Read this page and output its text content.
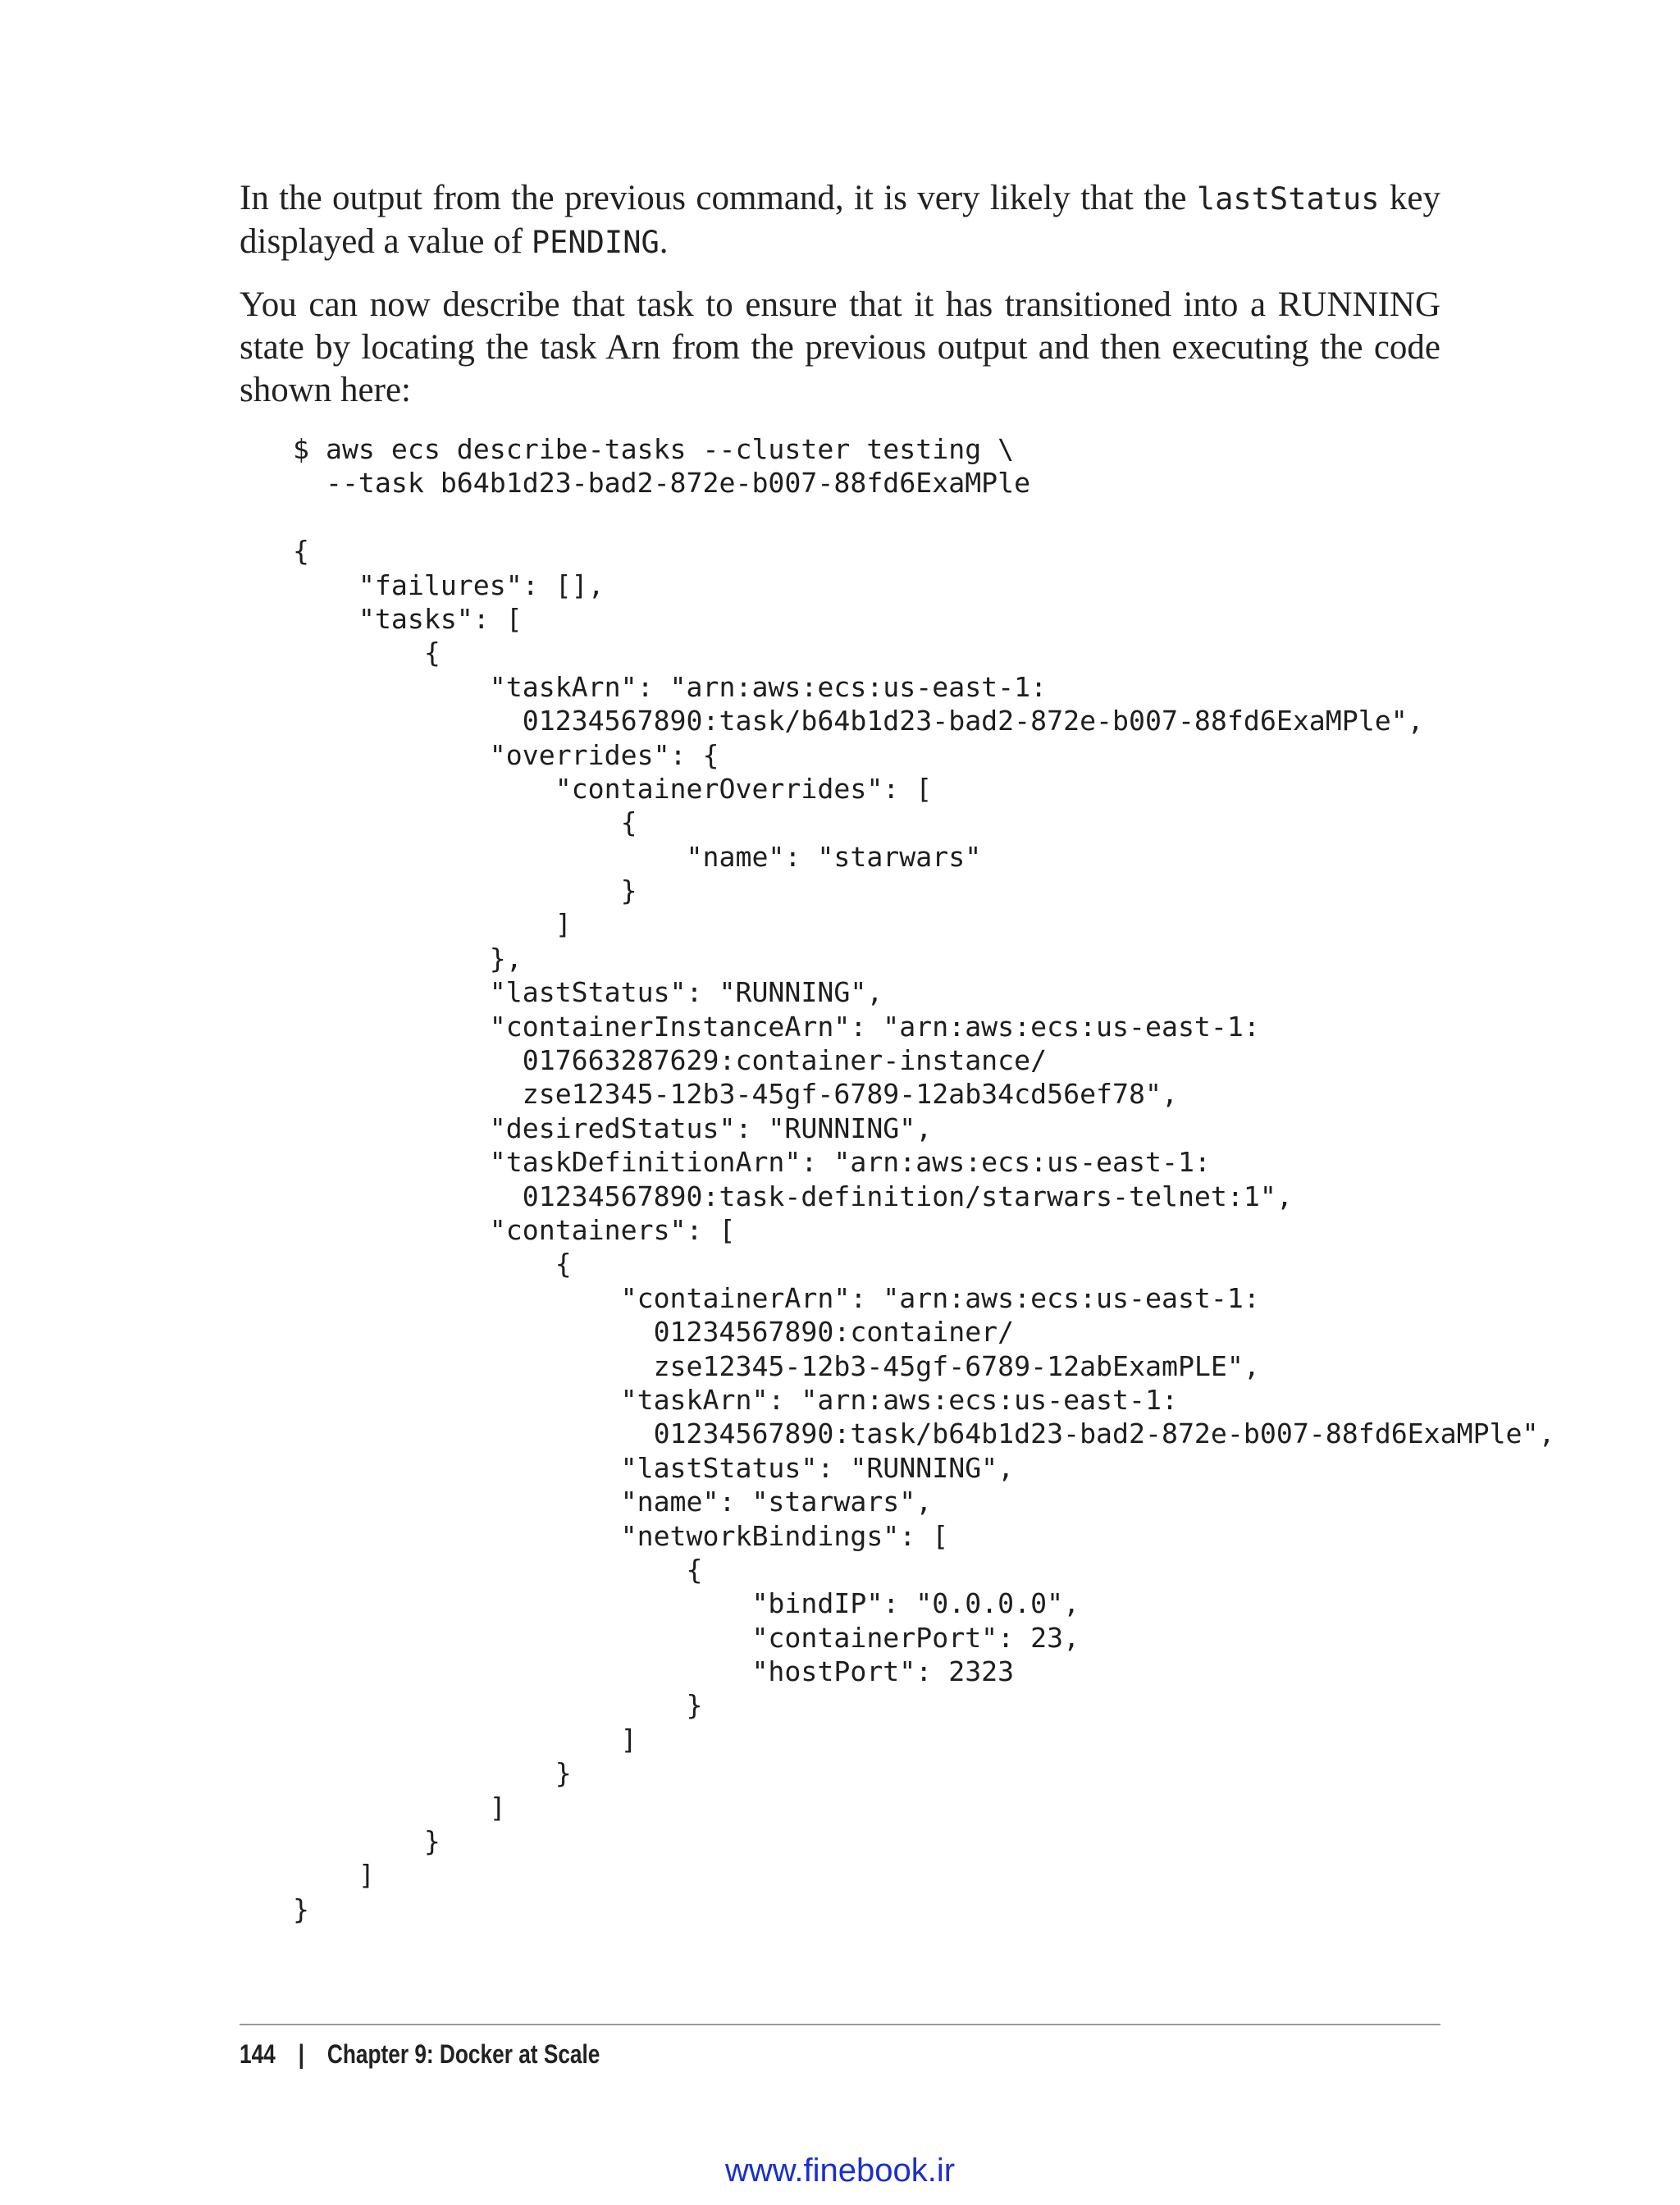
In the output from the previous command, it is very likely that the lastStatus key displayed a value of PENDING.

You can now describe that task to ensure that it has transitioned into a RUNNING state by locating the task Arn from the previous output and then executing the code shown here:

$ aws ecs describe-tasks --cluster testing \
--task b64b1d23-bad2-872e-b007-88fd6ExaMPle
{
"failures": [],
"tasks": [
{
"taskArn": "arn:aws:ecs:us-east-1:
01234567890:task/b64b1d23-bad2-872e-b007-88fd6ExaMPle",
"overrides": {
"containerOverrides": [
{
"name": "starwars"
}
]
},
"lastStatus": "RUNNING",
"containerInstanceArn": "arn:aws:ecs:us-east-1:
017663287629:container-instance/
zse12345-12b3-45gf-6789-12ab34cd56ef78",
"desiredStatus": "RUNNING",
"taskDefinitionArn": "arn:aws:ecs:us-east-1:
01234567890:task-definition/starwars-telnet:1",
"containers": [
{
"containerArn": "arn:aws:ecs:us-east-1:
01234567890:container/
zse12345-12b3-45gf-6789-12abExamPLE",
"taskArn": "arn:aws:ecs:us-east-1:
01234567890:task/b64b1d23-bad2-872e-b007-88fd6ExaMPle",
"lastStatus": "RUNNING",
"name": "starwars",
"networkBindings": [
{
"bindIP": "0.0.0.0",
"containerPort": 23,
"hostPort": 2323
}
]
}
]
}
]
}
144 | Chapter 9: Docker at Scale
www.finebook.ir
